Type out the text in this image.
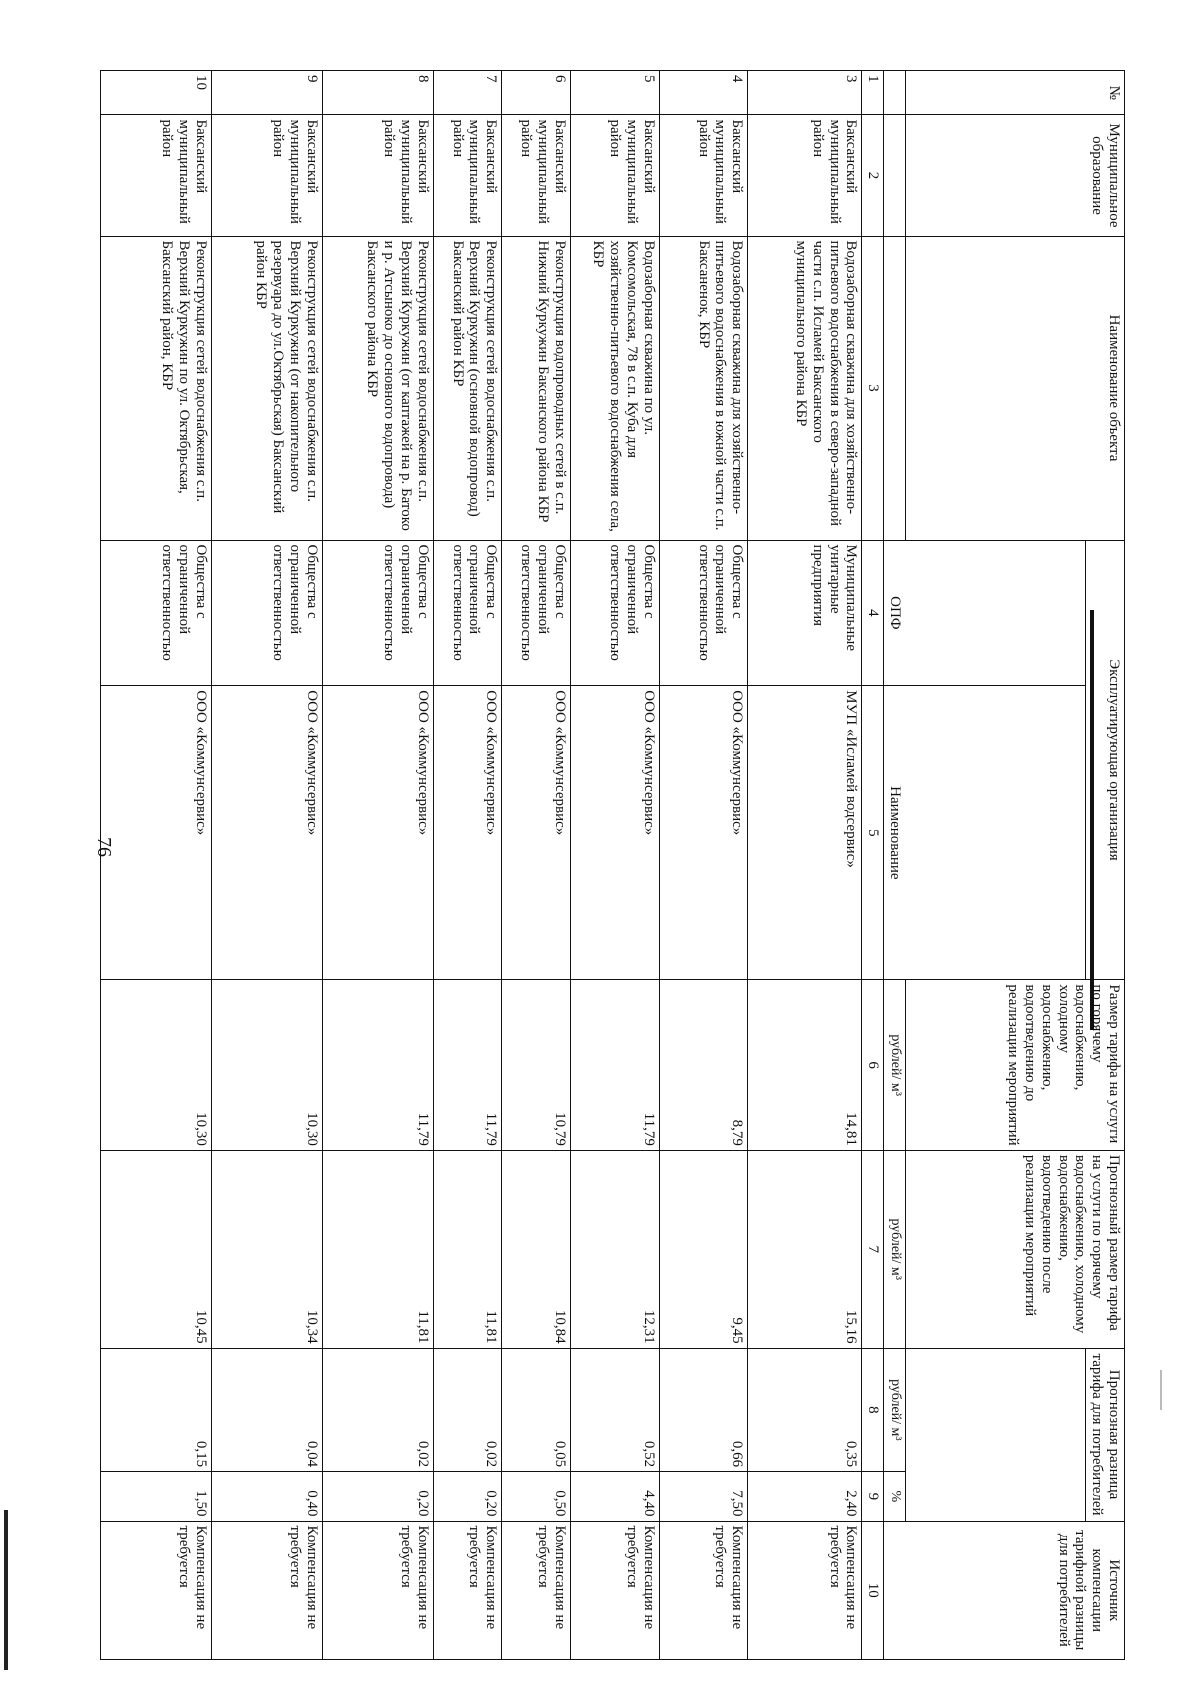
76
№	Муниципальное образование	Наименование объекта	Эксплуатирующая организация		Размер тарифа на услуги по горячему водоснабжению, холодному водоснабжению, водоотведению до реализации мероприятий	Прогнозный размер тарифа на услуги по горячему водоснабжению, холодному водоснабжению, водоотведению после реализации мероприятий	Прогнозная разница тарифа для потребителей		Источник компенсации тарифной разницы для потребителей
			ОПФ	Наименование					
					рублей/ м³	рублей/ м³	рублей/ м³	%	
1	2	3	4	5	6	7	8	9	10
3	Баксанский муниципальный район	Водозаборная скважина для хозяйственно-питьевого водоснабжения в северо-западной части с.п. Исламей Баксанского муниципального района КБР	Муниципальные унитарные предприятия	МУП «Исламей водсервис»	14,81	15,16	0,35	2,40	Компенсация не требуется
4	Баксанский муниципальный район	Водозаборная скважина для хозяйственно-питьевого водоснабжения в южной части с.п. Баксаненок, КБР	Общества с ограниченной ответственностью	ООО «Коммунсервис»	8,79	9,45	0,66	7,50	Компенсация не требуется
5	Баксанский муниципальный район	Водозаборная скважина по ул. Комсомольская, 78 в с.п. Куба для хозяйственно-питьевого водоснабжения села, КБР	Общества с ограниченной ответственностью	ООО «Коммунсервис»	11,79	12,31	0,52	4,40	Компенсация не требуется
6	Баксанский муниципальный район	Реконструкция водопроводных сетей в с.п. Нижний Куркужин Баксанского района КБР	Общества с ограниченной ответственностью	ООО «Коммунсервис»	10,79	10,84	0,05	0,50	Компенсация не требуется
7	Баксанский муниципальный район	Реконструкция сетей водоснабжения с.п. Верхний Куркужин (основной водопровод) Баксанский район КБР	Общества с ограниченной ответственностью	ООО «Коммунсервис»	11,79	11,81	0,02	0,20	Компенсация не требуется
8	Баксанский муниципальный район	Реконструкция сетей водоснабжения с.п. Верхний Куркужин (от каптажей на р. Батоко и р. Атсыноко до основного водопровода) Баксанского района КБР	Общества с ограниченной ответственностью	ООО «Коммунсервис»	11,79	11,81	0,02	0,20	Компенсация не требуется
9	Баксанский муниципальный район	Реконструкция сетей водоснабжения с.п. Верхний Куркужин (от накопительного резервуара до ул.Октябрьская) Баксанский район КБР	Общества с ограниченной ответственностью	ООО «Коммунсервис»	10,30	10,34	0,04	0,40	Компенсация не требуется
10	Баксанский муниципальный район	Реконструкция сетей водоснабжения с.п. Верхний Куркужин по ул. Октябрьская, Баксанский район, КБР	Общества с ограниченной ответственностью	ООО «Коммунсервис»	10,30	10,45	0,15	1,50	Компенсация не требуется
